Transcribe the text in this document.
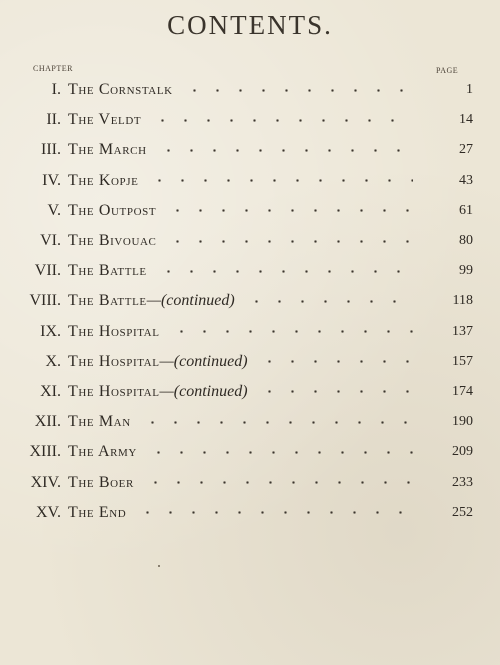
CONTENTS.
CHAPTER	PAGE
I. The Cornstalk	1
II. The Veldt	14
III. The March	27
IV. The Kopje	43
V. The Outpost	61
VI. The Bivouac	80
VII. The Battle	99
VIII. The Battle—(continued)	118
IX. The Hospital	137
X. The Hospital—(continued)	157
XI. The Hospital—(continued)	174
XII. The Man	190
XIII. The Army	209
XIV. The Boer	233
XV. The End	252
